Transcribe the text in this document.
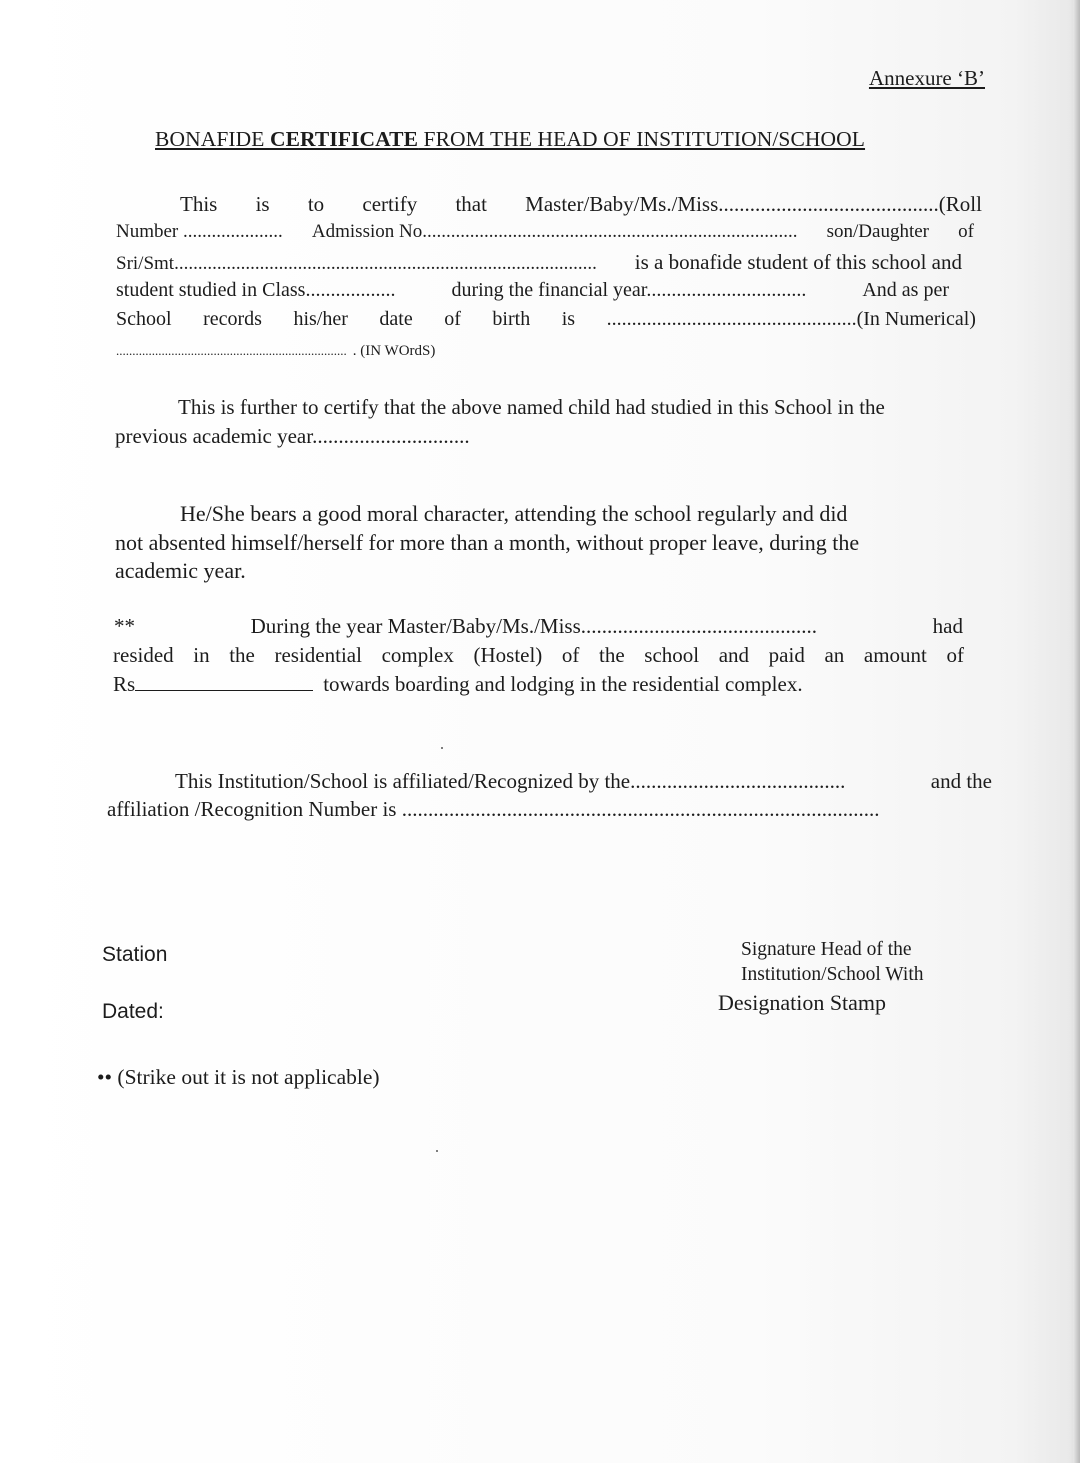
Annexure ‘B’
BONAFIDE CERTIFICATE FROM THE HEAD OF INSTITUTION/SCHOOL
This is to certify that Master/Baby/Ms./Miss..........................................(Roll
Number ..................... Admission No............................................................................... son/Daughter of
Sri/Smt......................................................................................... is a bonafide student of this school and
student studied in Class..................	during the financial year................................	And as per
School records his/her date of birth is ..................................................(In Numerical)
....................................................................... . (IN WOrdS)
This is further to certify that the above named child had studied in this School in the
previous academic year..............................
He/She bears a good moral character, attending the school regularly and did
not absented himself/herself for more than a month, without proper leave, during the
academic year.
**	During the year Master/Baby/Ms./Miss.............................................	had
resided in the residential complex (Hostel) of the school and paid an amount of
Rs	towards boarding and lodging in the residential complex.
This Institution/School is affiliated/Recognized by the.........................................	and the
affiliation /Recognition Number is ...........................................................................................
Station
Dated:
Signature Head of the
Institution/School With
Designation Stamp
•• (Strike out it is not applicable)
